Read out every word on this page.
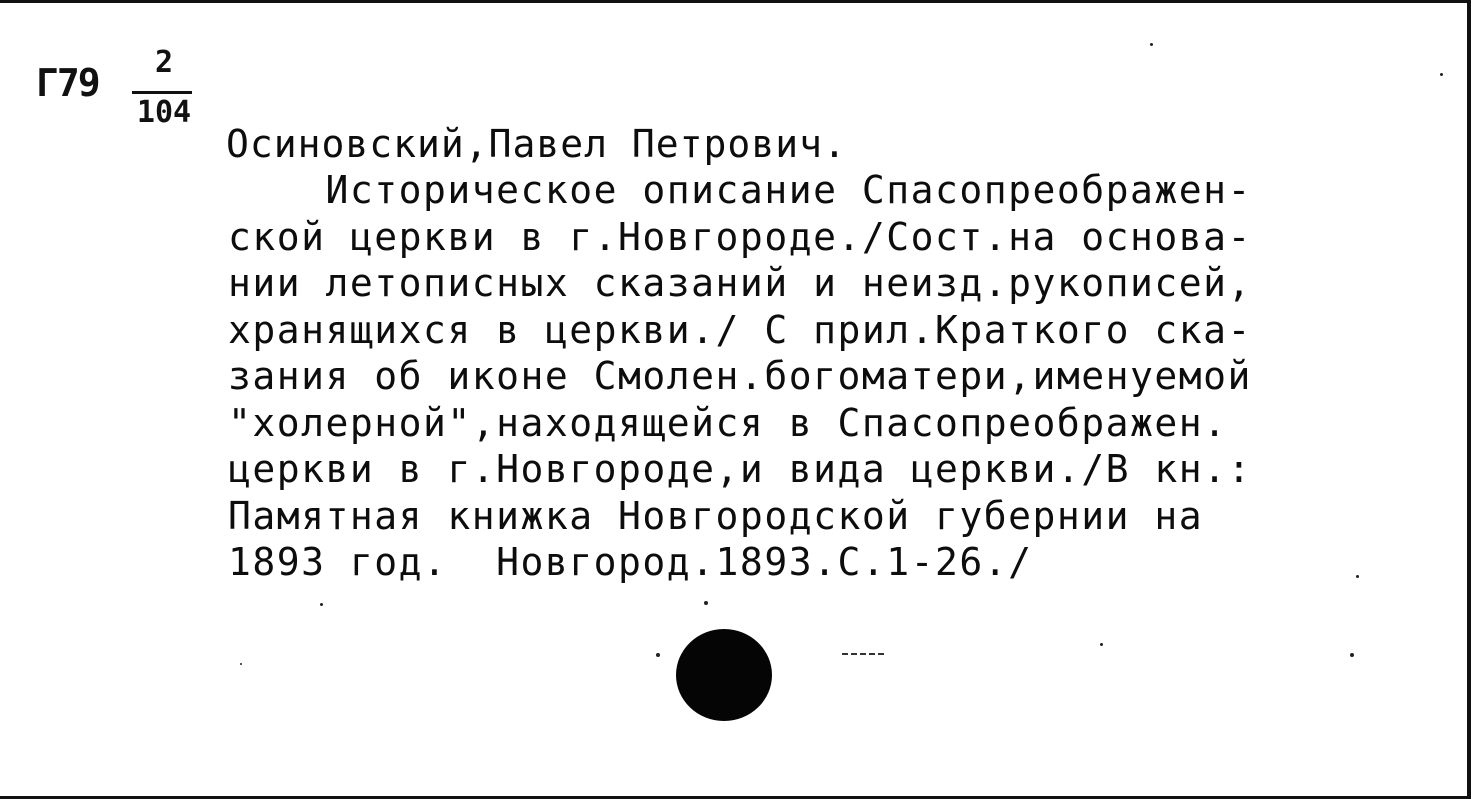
Г79	2
104
Осиновский,Павел Петрович.
Историческое описание Спасопреображен-
ской церкви в г.Новгороде./Сост.на основа-
нии летописных сказаний и неизд.рукописей,
хранящихся в церкви./ С прил.Краткого ска-
зания об иконе Смолен.богоматери,именуемой
"холерной",находящейся в Спасопреображен.
церкви в г.Новгороде,и вида церкви./В кн.:
Памятная книжка Новгородской губернии на
1893 год.  Новгород.1893.С.1-26./
